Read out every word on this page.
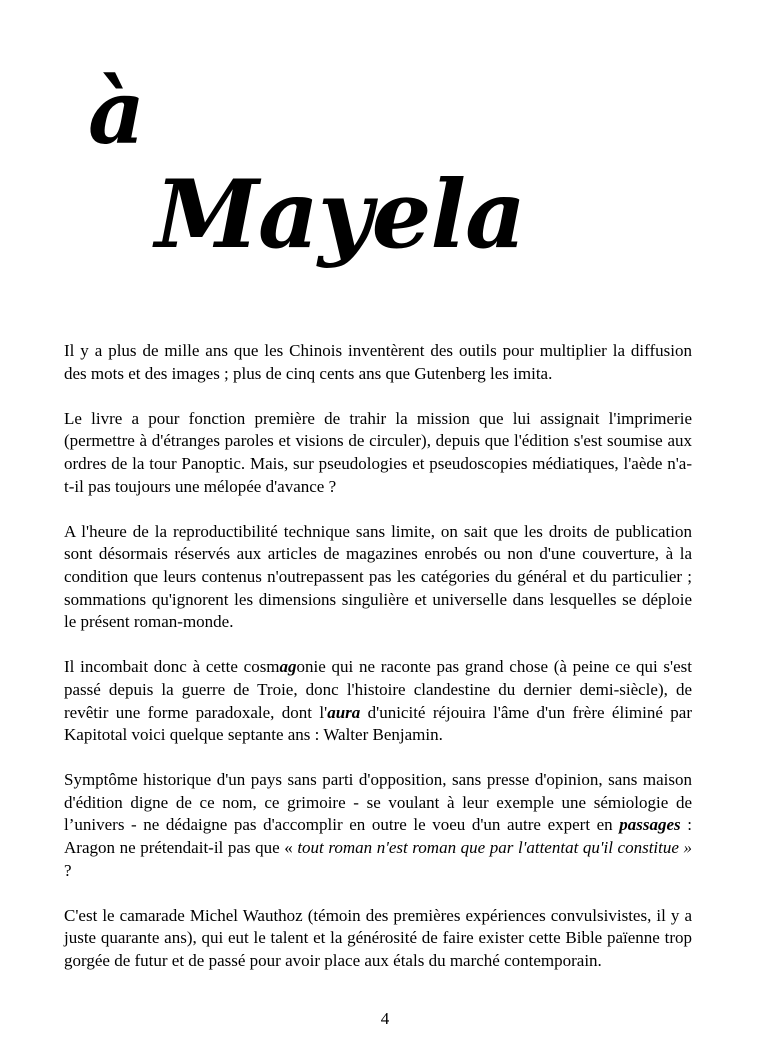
à
Mayela

Il y a plus de mille ans que les Chinois inventèrent des outils pour multiplier la diffusion des mots et des images ; plus de cinq cents ans que Gutenberg les imita.

Le livre a pour fonction première de trahir la mission que lui assignait l'imprimerie (permettre à d'étranges paroles et visions de circuler), depuis que l'édition s'est soumise aux ordres de la tour Panoptic. Mais, sur pseudologies et pseudoscopies médiatiques, l'aède n'a-t-il pas toujours une mélopée d'avance ?

A l'heure de la reproductibilité technique sans limite, on sait que les droits de publication sont désormais réservés aux articles de magazines enrobés ou non d'une couverture, à la condition que leurs contenus n'outrepassent pas les catégories du général et du particulier ; sommations qu'ignorent les dimensions singulière et universelle dans lesquelles se déploie le présent roman-monde.

Il incombait donc à cette cosmagonie qui ne raconte pas grand chose (à peine ce qui s'est passé depuis la guerre de Troie, donc l'histoire clandestine du dernier demi-siècle), de revêtir une forme paradoxale, dont l'aura d'unicité réjouira l'âme d'un frère éliminé par Kapitotal voici quelque septante ans : Walter Benjamin.

Symptôme historique d'un pays sans parti d'opposition, sans presse d'opinion, sans maison d'édition digne de ce nom, ce grimoire - se voulant à leur exemple une sémiologie de l’univers - ne dédaigne pas d'accomplir en outre le voeu d'un autre expert en passages : Aragon ne prétendait-il pas que « tout roman n'est roman que par l'attentat qu'il constitue » ?

C'est le camarade Michel Wauthoz (témoin des premières expériences convulsivistes, il y a juste quarante ans), qui eut le talent et la générosité de faire exister cette Bible païenne trop gorgée de futur et de passé pour avoir place aux étals du marché contemporain.

4
